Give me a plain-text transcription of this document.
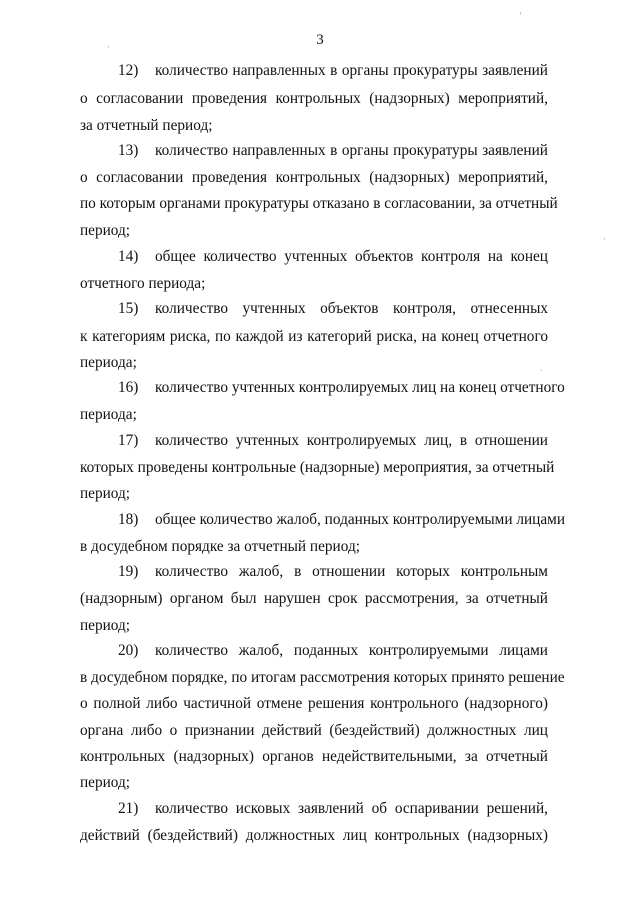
3
12) количество направленных в органы прокуратуры заявлений
о согласовании проведения контрольных (надзорных) мероприятий,
за отчетный период;
13) количество направленных в органы прокуратуры заявлений
о согласовании проведения контрольных (надзорных) мероприятий,
по которым органами прокуратуры отказано в согласовании, за отчетный
период;
14) общее количество учтенных объектов контроля на конец
отчетного периода;
15) количество учтенных объектов контроля, отнесенных
к категориям риска, по каждой из категорий риска, на конец отчетного
периода;
16) количество учтенных контролируемых лиц на конец отчетного
периода;
17) количество учтенных контролируемых лиц, в отношении
которых проведены контрольные (надзорные) мероприятия, за отчетный
период;
18) общее количество жалоб, поданных контролируемыми лицами
в досудебном порядке за отчетный период;
19) количество жалоб, в отношении которых контрольным
(надзорным) органом был нарушен срок рассмотрения, за отчетный
период;
20) количество жалоб, поданных контролируемыми лицами
в досудебном порядке, по итогам рассмотрения которых принято решение
о полной либо частичной отмене решения контрольного (надзорного)
органа либо о признании действий (бездействий) должностных лиц
контрольных (надзорных) органов недействительными, за отчетный
период;
21) количество исковых заявлений об оспаривании решений,
действий (бездействий) должностных лиц контрольных (надзорных)
'
·
·
·
